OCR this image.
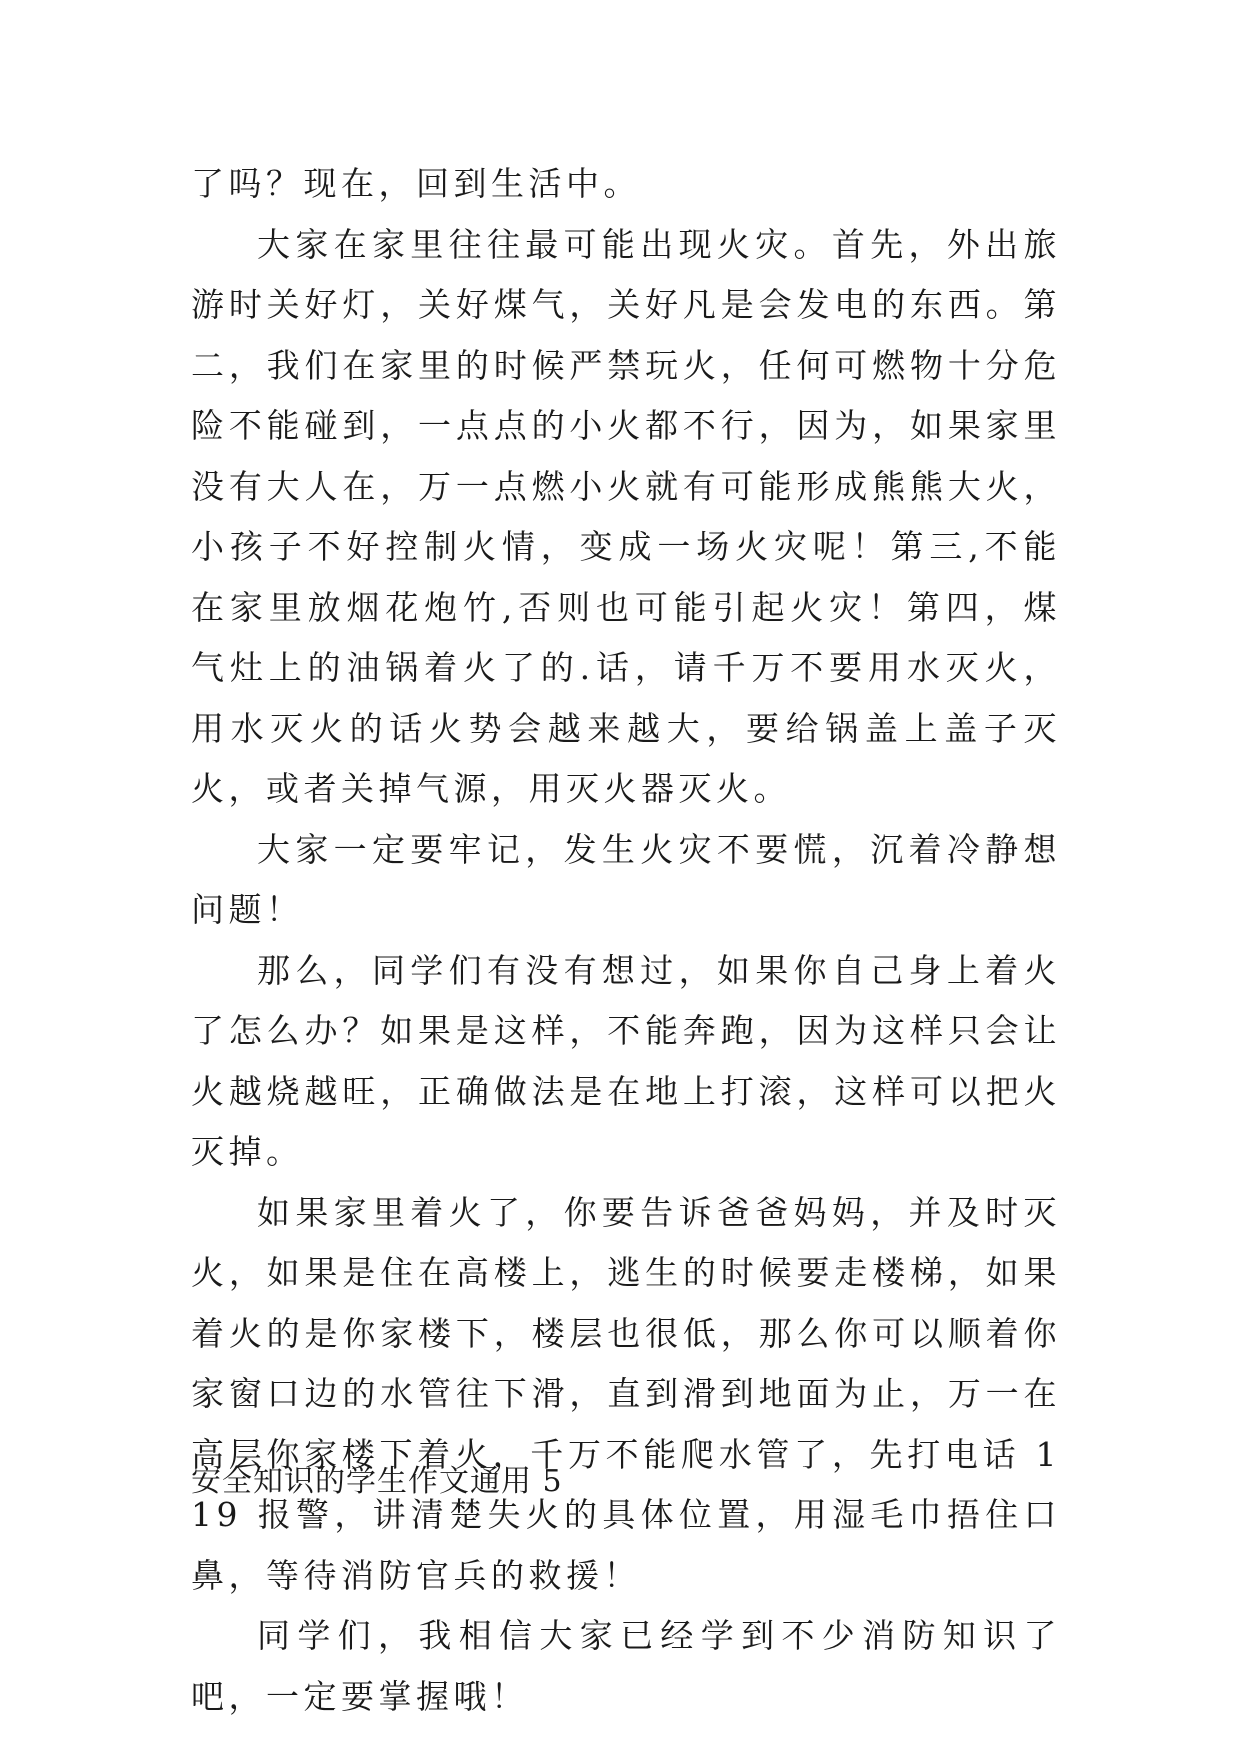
了吗？现在，回到生活中。

大家在家里往往最可能出现火灾。首先，外出旅游时关好灯，关好煤气，关好凡是会发电的东西。第二，我们在家里的时候严禁玩火，任何可燃物十分危险不能碰到，一点点的小火都不行，因为，如果家里没有大人在，万一点燃小火就有可能形成熊熊大火，小孩子不好控制火情，变成一场火灾呢！第三,不能在家里放烟花炮竹,否则也可能引起火灾！第四，煤气灶上的油锅着火了的.话，请千万不要用水灭火，用水灭火的话火势会越来越大，要给锅盖上盖子灭火，或者关掉气源，用灭火器灭火。

大家一定要牢记，发生火灾不要慌，沉着冷静想问题！

那么，同学们有没有想过，如果你自己身上着火了怎么办？如果是这样，不能奔跑，因为这样只会让火越烧越旺，正确做法是在地上打滚，这样可以把火灭掉。

如果家里着火了，你要告诉爸爸妈妈，并及时灭火，如果是住在高楼上，逃生的时候要走楼梯，如果着火的是你家楼下，楼层也很低，那么你可以顺着你家窗口边的水管往下滑，直到滑到地面为止，万一在高层你家楼下着火，千万不能爬水管了，先打电话 119 报警，讲清楚失火的具体位置，用湿毛巾捂住口鼻，等待消防官兵的救援！

同学们，我相信大家已经学到不少消防知识了吧，一定要掌握哦！

安全知识的学生作文通用 5
